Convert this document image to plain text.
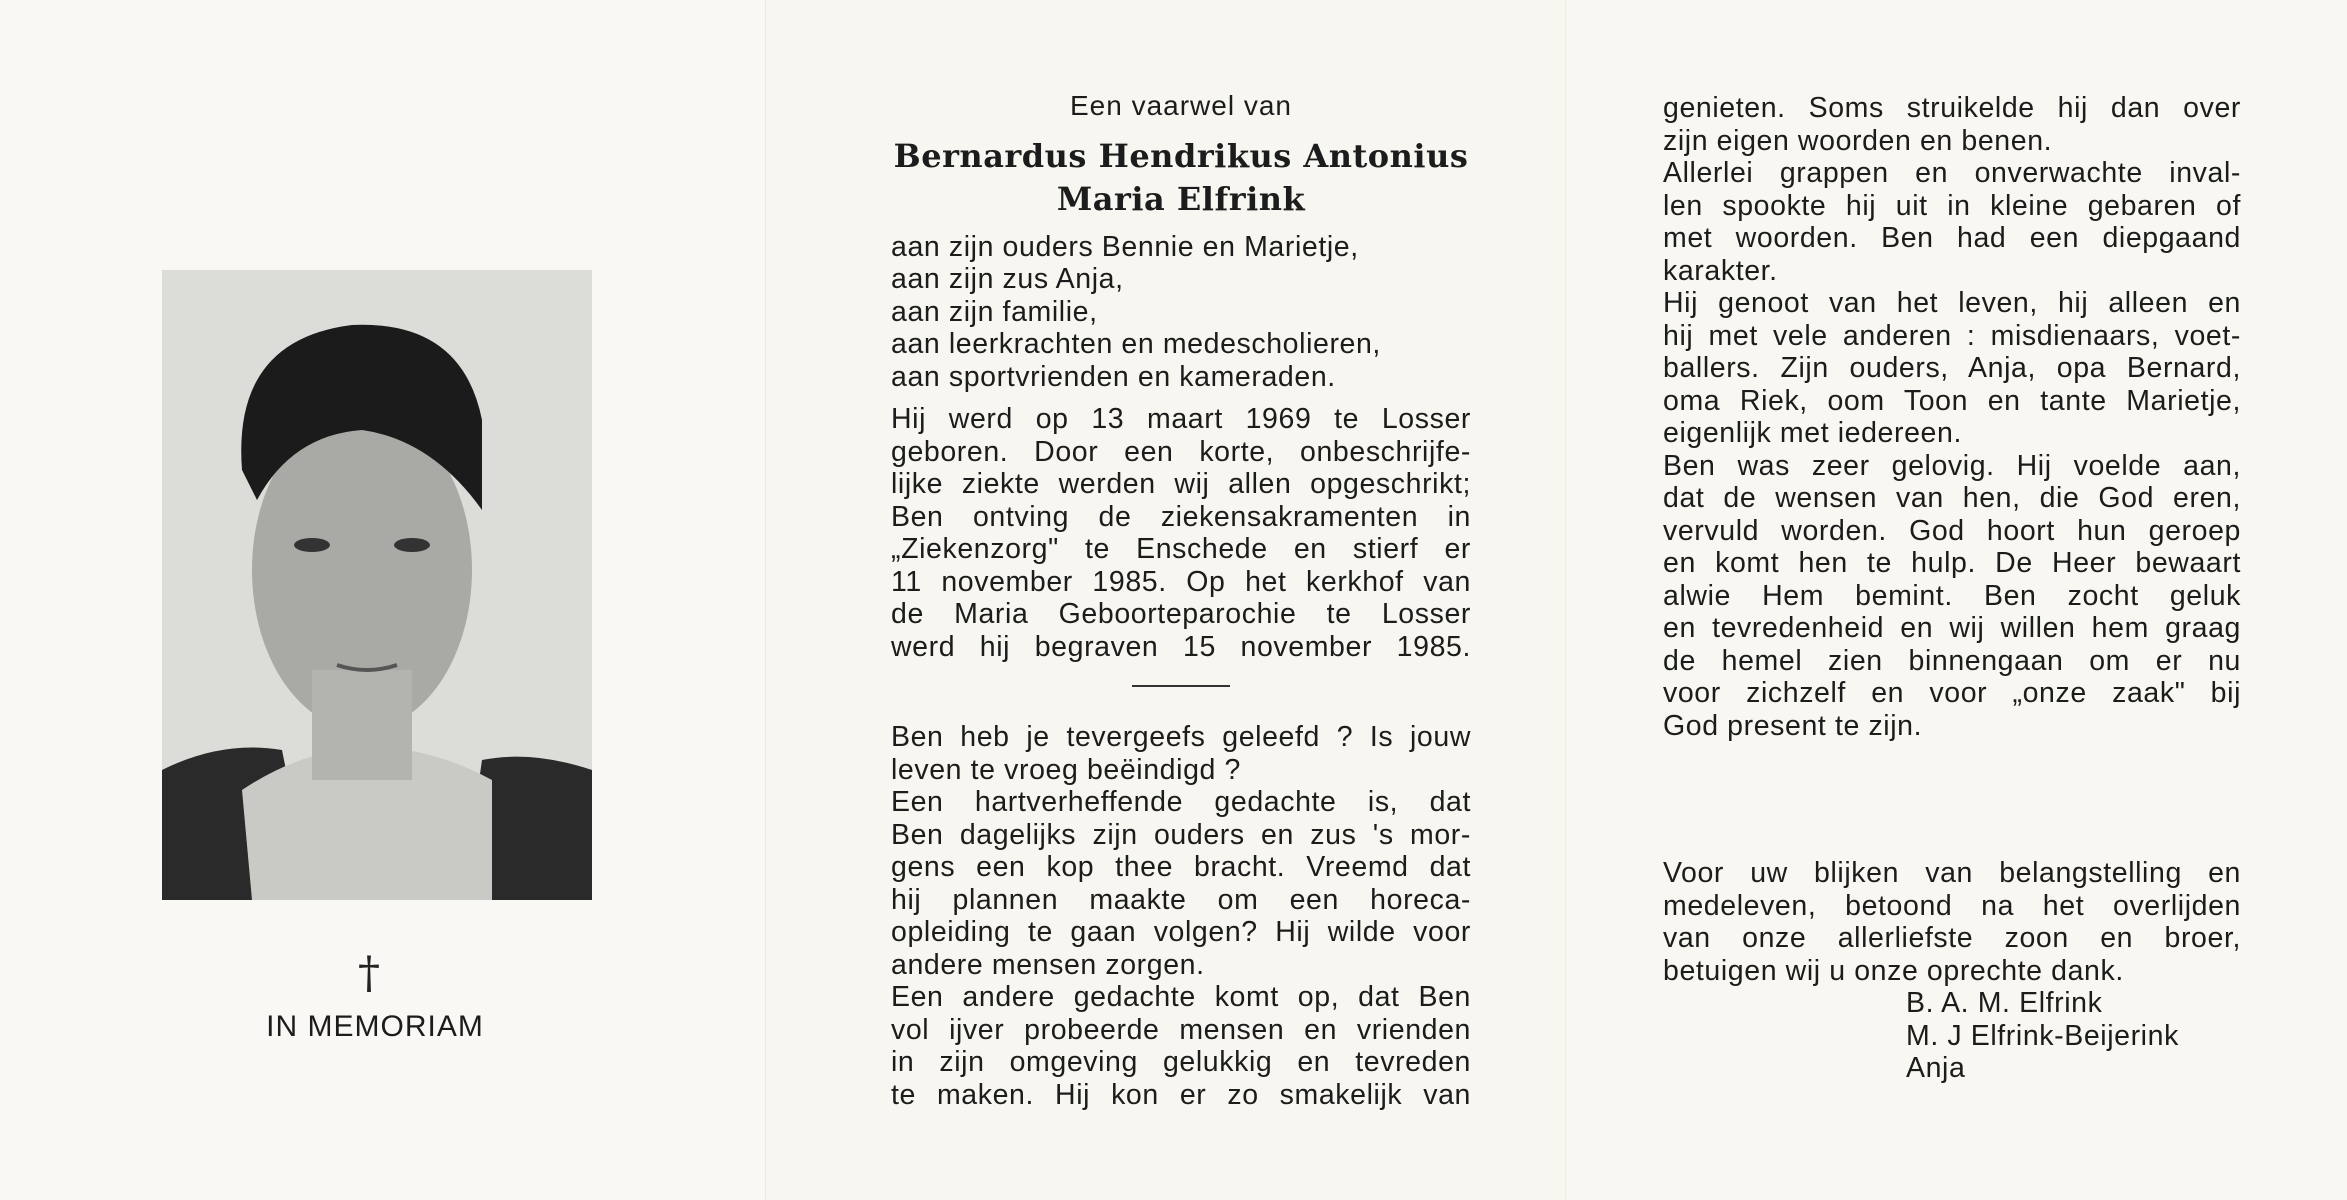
†
IN MEMORIAM
Een vaarwel van
Bernardus Hendrikus Antonius
Maria Elfrink
aan zijn ouders Bennie en Marietje,
aan zijn zus Anja,
aan zijn familie,
aan leerkrachten en medescholieren,
aan sportvrienden en kameraden.
Hij werd op 13 maart 1969 te Losser
geboren. Door een korte, onbeschrijfe-
lijke ziekte werden wij allen opgeschrikt;
Ben ontving de ziekensakramenten in
„Ziekenzorg" te Enschede en stierf er
11 november 1985. Op het kerkhof van
de Maria Geboorteparochie te Losser
werd hij begraven 15 november 1985.
Ben heb je tevergeefs geleefd ? Is jouw
leven te vroeg beëindigd ?
Een hartverheffende gedachte is, dat
Ben dagelijks zijn ouders en zus 's mor-
gens een kop thee bracht. Vreemd dat
hij plannen maakte om een horeca-
opleiding te gaan volgen? Hij wilde voor
andere mensen zorgen.
Een andere gedachte komt op, dat Ben
vol ijver probeerde mensen en vrienden
in zijn omgeving gelukkig en tevreden
te maken. Hij kon er zo smakelijk van
genieten. Soms struikelde hij dan over
zijn eigen woorden en benen.
Allerlei grappen en onverwachte inval-
len spookte hij uit in kleine gebaren of
met woorden. Ben had een diepgaand
karakter.
Hij genoot van het leven, hij alleen en
hij met vele anderen : misdienaars, voet-
ballers. Zijn ouders, Anja, opa Bernard,
oma Riek, oom Toon en tante Marietje,
eigenlijk met iedereen.
Ben was zeer gelovig. Hij voelde aan,
dat de wensen van hen, die God eren,
vervuld worden. God hoort hun geroep
en komt hen te hulp. De Heer bewaart
alwie Hem bemint. Ben zocht geluk
en tevredenheid en wij willen hem graag
de hemel zien binnengaan om er nu
voor zichzelf en voor „onze zaak" bij
God present te zijn.
Voor uw blijken van belangstelling en
medeleven, betoond na het overlijden
van onze allerliefste zoon en broer,
betuigen wij u onze oprechte dank.
B. A. M. Elfrink
M. J Elfrink-Beijerink
Anja
